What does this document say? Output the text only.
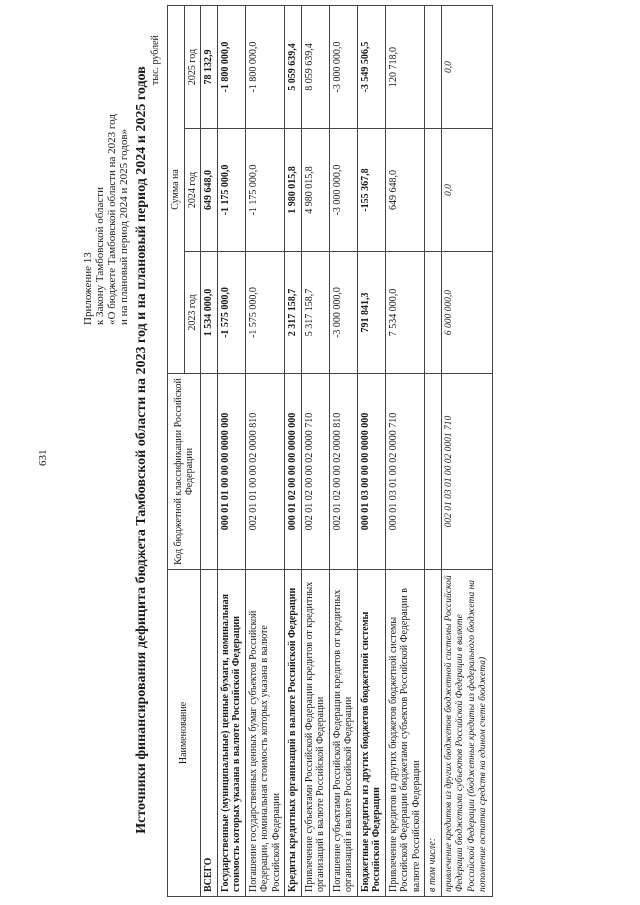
631
Приложение 13 к Закону Тамбовской области «О бюджете Тамбовской области на 2023 год и на плановый период 2024 и 2025 годов» Источники финансирования дефицита бюджета Тамбовской области на 2023 год и на плановый период 2024 и 2025 годов
тыс. рублей
Наименование	Код бюджетной классификации Российской Федерации	Сумма на		
		2023 год	2024 год	2025 год
ВСЕГО		1 534 000,0	649 648,0	78 132,9
Государственные (муниципальные) ценные бумаги, номинальная стоимость которых указана в валюте Российской Федерации	000 01 01 00 00 00 0000 000	-1 575 000,0	-1 175 000,0	-1 800 000,0
Погашение государственных ценных бумаг субъектов Российской Федерации, номинальная стоимость которых указана в валюте Российской Федерации	002 01 01 00 00 02 0000 810	-1 575 000,0	-1 175 000,0	-1 800 000,0
Кредиты кредитных организаций в валюте Российской Федерации	000 01 02 00 00 00 0000 000	2 317 158,7	1 980 015,8	5 059 639,4
Привлечение субъектами Российской Федерации кредитов от кредитных организаций в валюте Российской Федерации	002 01 02 00 00 02 0000 710	5 317 158,7	4 980 015,8	8 059 639,4
Погашение субъектами Российской Федерации кредитов от кредитных организаций в валюте Российской Федерации	002 01 02 00 00 02 0000 810	-3 000 000,0	-3 000 000,0	-3 000 000,0
Бюджетные кредиты из других бюджетов бюджетной системы Российской Федерации	000 01 03 00 00 00 0000 000	791 841,3	-155 367,8	-3 549 506,5
Привлечение кредитов из других бюджетов бюджетной системы Российской Федерации бюджетами субъектов Российской Федерации в валюте Российской Федерации	000 01 03 01 00 02 0000 710	7 534 000,0	649 648,0	120 718,0
в том числе:				
привлечение кредитов из других бюджетов бюджетной системы Российской Федерации бюджетами субъектов Российской Федерации в валюте Российской Федерации (бюджетные кредиты из федерального бюджета на пополнение остатка средств на едином счете бюджета)	002 01 03 01 00 02 0001 710	6 000 000,0	0,0	0,0
